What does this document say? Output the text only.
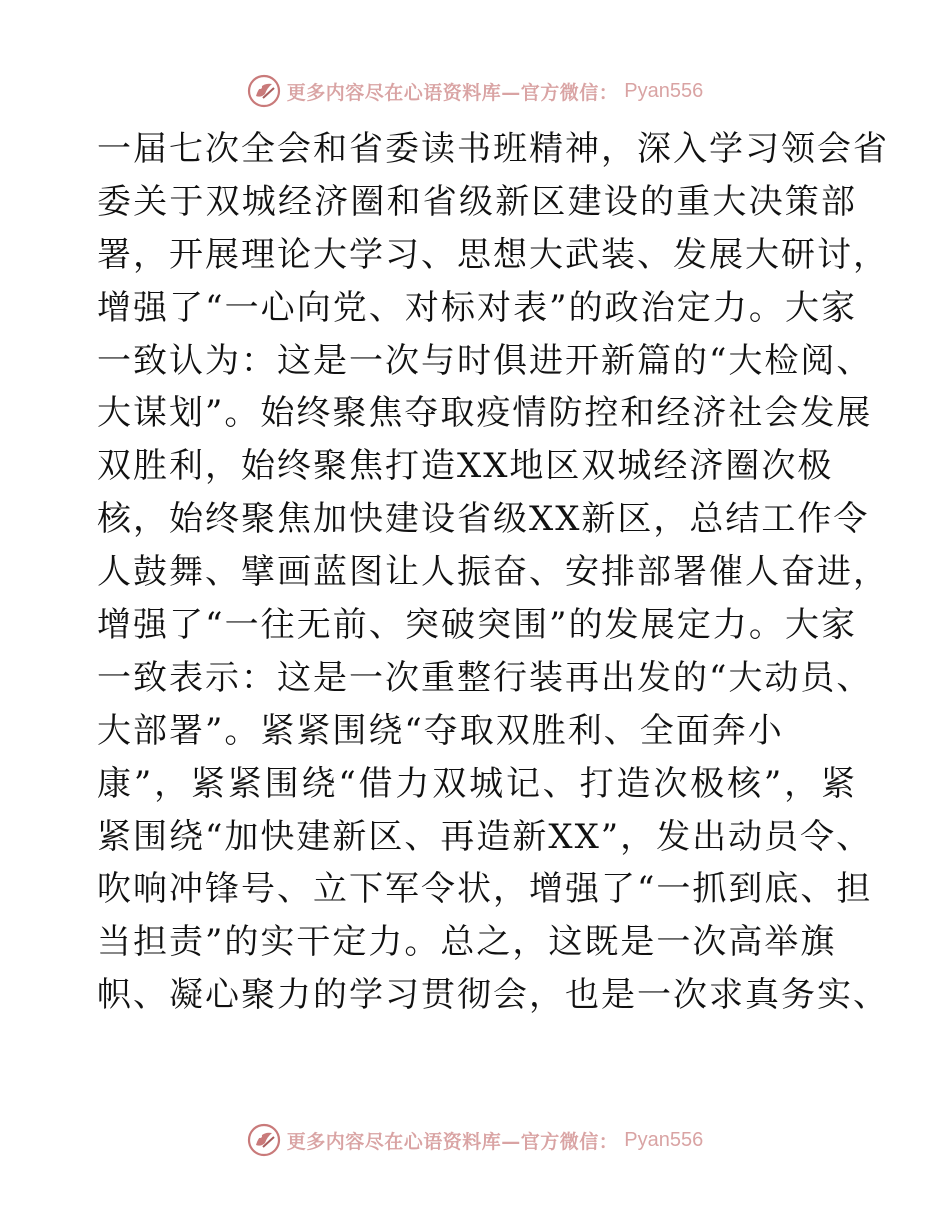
更多内容尽在心语资料库—官方微信： Pyan556
一届七次全会和省委读书班精神，深入学习领会省
委关于双城经济圈和省级新区建设的重大决策部
署，开展理论大学习、思想大武装、发展大研讨，
增强了“一心向党、对标对表”的政治定力。大家
一致认为：这是一次与时俱进开新篇的“大检阅、
大谋划”。始终聚焦夺取疫情防控和经济社会发展
双胜利，始终聚焦打造XX地区双城经济圈次极
核，始终聚焦加快建设省级XX新区，总结工作令
人鼓舞、擘画蓝图让人振奋、安排部署催人奋进，
增强了“一往无前、突破突围”的发展定力。大家
一致表示：这是一次重整行装再出发的“大动员、
大部署”。紧紧围绕“夺取双胜利、全面奔小
康”，紧紧围绕“借力双城记、打造次极核”，紧
紧围绕“加快建新区、再造新XX”，发出动员令、
吹响冲锋号、立下军令状，增强了“一抓到底、担
当担责”的实干定力。总之，这既是一次高举旗
帜、凝心聚力的学习贯彻会，也是一次求真务实、
更多内容尽在心语资料库—官方微信： Pyan556
